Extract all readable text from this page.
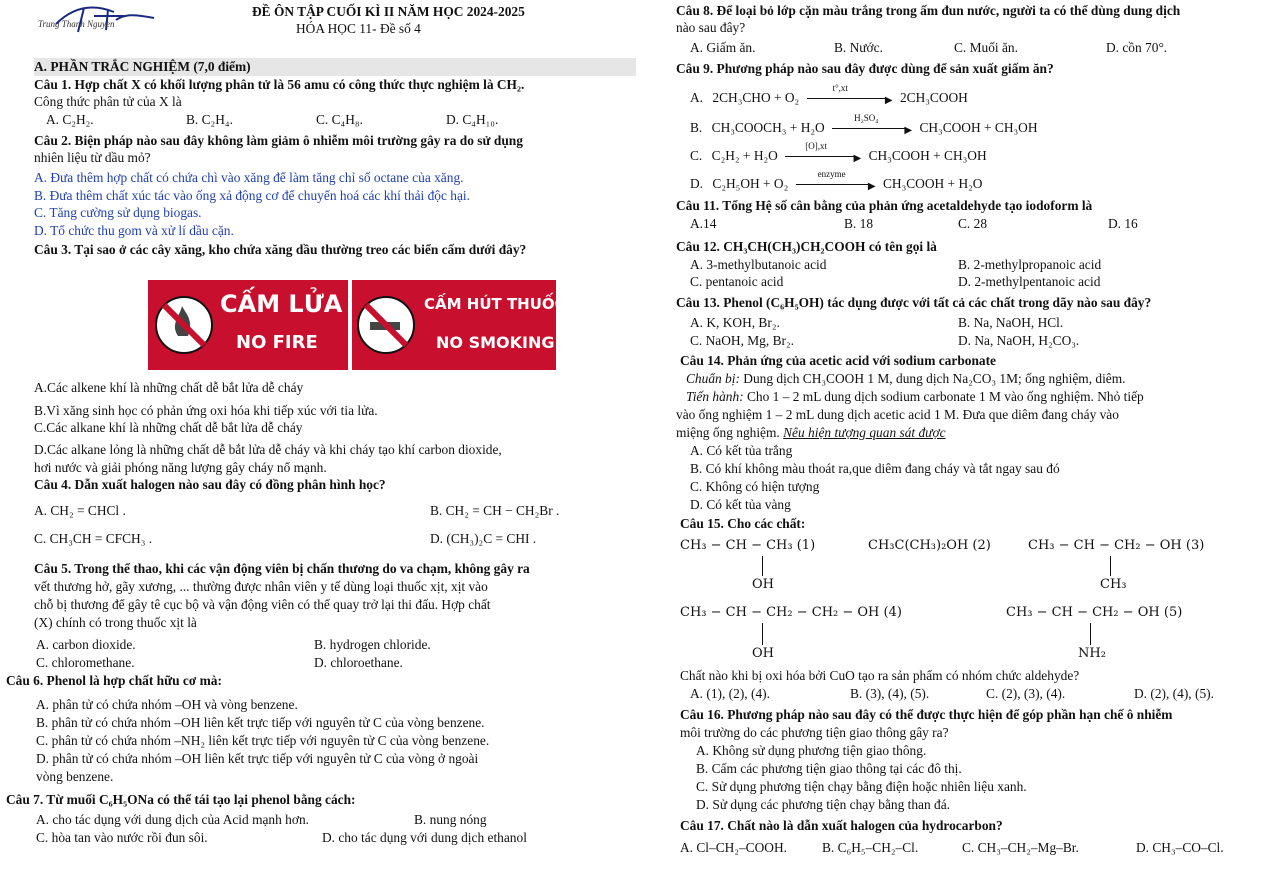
Trung Thanh Nguyen
ĐỀ ÔN TẬP CUỐI KÌ II NĂM HỌC 2024-2025
HÓA HỌC 11- Đề số 4
A. PHẦN TRẮC NGHIỆM (7,0 điểm)
Câu 1. Hợp chất X có khối lượng phân tử là 56 amu có công thức thực nghiệm là CH₂.
Công thức phân tử của X là
A. C₂H₂.	B. C₂H₄.	C. C₄H₈.	D. C₄H₁₀.
Câu 2. Biện pháp nào sau đây không làm giảm ô nhiễm môi trường gây ra do sử dụng
nhiên liệu từ dầu mỏ?
A. Đưa thêm hợp chất có chứa chì vào xăng để làm tăng chỉ số octane của xăng.
B. Đưa thêm chất xúc tác vào ống xả động cơ để chuyển hoá các khí thải độc hại.
C. Tăng cường sử dụng biogas.
D. Tổ chức thu gom và xử lí dầu cặn.
Câu 3. Tại sao ở các cây xăng, kho chứa xăng dầu thường treo các biển cấm dưới đây?
CẤM LỬA
NO FIRE
CẤM HÚT THUỐC
NO SMOKING
A.Các alkene khí là những chất dễ bắt lửa dễ cháy
B.Vì xăng sinh học có phản ứng oxi hóa khi tiếp xúc với tia lửa.
C.Các alkane khí là những chất dễ bắt lửa dễ cháy
D.Các alkane lỏng là những chất dễ bắt lửa dễ cháy và khi cháy tạo khí carbon dioxide,
hơi nước và giải phóng năng lượng gây cháy nổ mạnh.
Câu 4. Dẫn xuất halogen nào sau đây có đồng phân hình học?
A. CH₂ = CHCl .	B. CH₂ = CH − CH₂Br .
C. CH₃CH = CFCH₃ .	D. (CH₃)₂C = CHI .
Câu 5. Trong thể thao, khi các vận động viên bị chấn thương do va chạm, không gây ra
vết thương hở, gãy xương, ... thường được nhân viên y tế dùng loại thuốc xịt, xịt vào
chỗ bị thương để gây tê cục bộ và vận động viên có thể quay trở lại thi đấu. Hợp chất
(X) chính có trong thuốc xịt là
A. carbon dioxide.	B. hydrogen chloride.
C. chloromethane.	D. chloroethane.
Câu 6. Phenol là hợp chất hữu cơ mà:
A. phân tử có chứa nhóm –OH và vòng benzene.
B. phân tử có chứa nhóm –OH liên kết trực tiếp với nguyên tử C của vòng benzene.
C. phân tử có chứa nhóm –NH₂ liên kết trực tiếp với nguyên tử C của vòng benzene.
D. phân tử có chứa nhóm –OH liên kết trực tiếp với nguyên tử C của vòng ở ngoài
vòng benzene.
Câu 7. Từ muối C₆H₅ONa có thể tái tạo lại phenol bằng cách:
A. cho tác dụng với dung dịch của Acid mạnh hơn.	B. nung nóng
C. hòa tan vào nước rồi đun sôi.	D. cho tác dụng với dung dịch ethanol
Câu 8. Để loại bỏ lớp cặn màu trắng trong ấm đun nước, người ta có thể dùng dung dịch
nào sau đây?
A. Giấm ăn.	B. Nước.	C. Muối ăn.	D. cồn 70°.
Câu 9. Phương pháp nào sau đây được dùng để sản xuất giấm ăn?
A. 2CH₃CHO + O₂	▶
t°,xt
2CH₃COOH
B. CH₃COOCH₃ + H₂O	▶
H₂SO₄
CH₃COOH + CH₃OH
C. C₂H₂ + H₂O	▶
[O],xt
CH₃COOH + CH₃OH
D. C₂H₅OH + O₂	▶
enzyme
CH₃COOH + H₂O
Câu 11. Tổng Hệ số cân bằng của phản ứng acetaldehyde tạo iodoform là
A.14	B. 18	C. 28	D. 16
Câu 12. CH₃CH(CH₃)CH₂COOH có tên gọi là
A. 3-methylbutanoic acid	B. 2-methylpropanoic acid
C. pentanoic acid	D. 2-methylpentanoic acid
Câu 13. Phenol (C₆H₅OH) tác dụng được với tất cả các chất trong dãy nào sau đây?
A. K, KOH, Br₂.	B. Na, NaOH, HCl.
C. NaOH, Mg, Br₂.	D. Na, NaOH, H₂CO₃.
Câu 14. Phản ứng của acetic acid với sodium carbonate
Chuẩn bị: Dung dịch CH₃COOH 1 M, dung dịch Na₂CO₃ 1M; ống nghiệm, diêm.
Tiến hành: Cho 1 – 2 mL dung dịch sodium carbonate 1 M vào ống nghiệm. Nhỏ tiếp
vào ống nghiệm 1 – 2 mL dung dịch acetic acid 1 M. Đưa que diêm đang cháy vào
miệng ống nghiệm. Nêu hiện tượng quan sát được
A. Có kết tủa trắng
B. Có khí không màu thoát ra,que diêm đang cháy và tắt ngay sau đó
C. Không có hiện tượng
D. Có kết tủa vàng
Câu 15. Cho các chất:
CH₃ − CH − CH₃ (1)
OH
CH₃C(CH₃)₂OH (2)	CH₃ − CH − CH₂ − OH (3)
CH₃
CH₃ − CH − CH₂ − CH₂ − OH (4)
OH
CH₃ − CH − CH₂ − OH (5)
NH₂
Chất nào khi bị oxi hóa bởi CuO tạo ra sản phẩm có nhóm chức aldehyde?
A. (1), (2), (4).	B. (3), (4), (5).	C. (2), (3), (4).	D. (2), (4), (5).
Câu 16. Phương pháp nào sau đây có thể được thực hiện để góp phần hạn chế ô nhiễm
môi trường do các phương tiện giao thông gây ra?
A. Không sử dụng phương tiện giao thông.
B. Cấm các phương tiện giao thông tại các đô thị.
C. Sử dụng phương tiện chạy bằng điện hoặc nhiên liệu xanh.
D. Sử dụng các phương tiện chạy bằng than đá.
Câu 17. Chất nào là dẫn xuất halogen của hydrocarbon?
A. Cl–CH₂–COOH.	B. C₆H₅–CH₂–Cl.	C. CH₃–CH₂–Mg–Br.	D. CH₃–CO–Cl.
